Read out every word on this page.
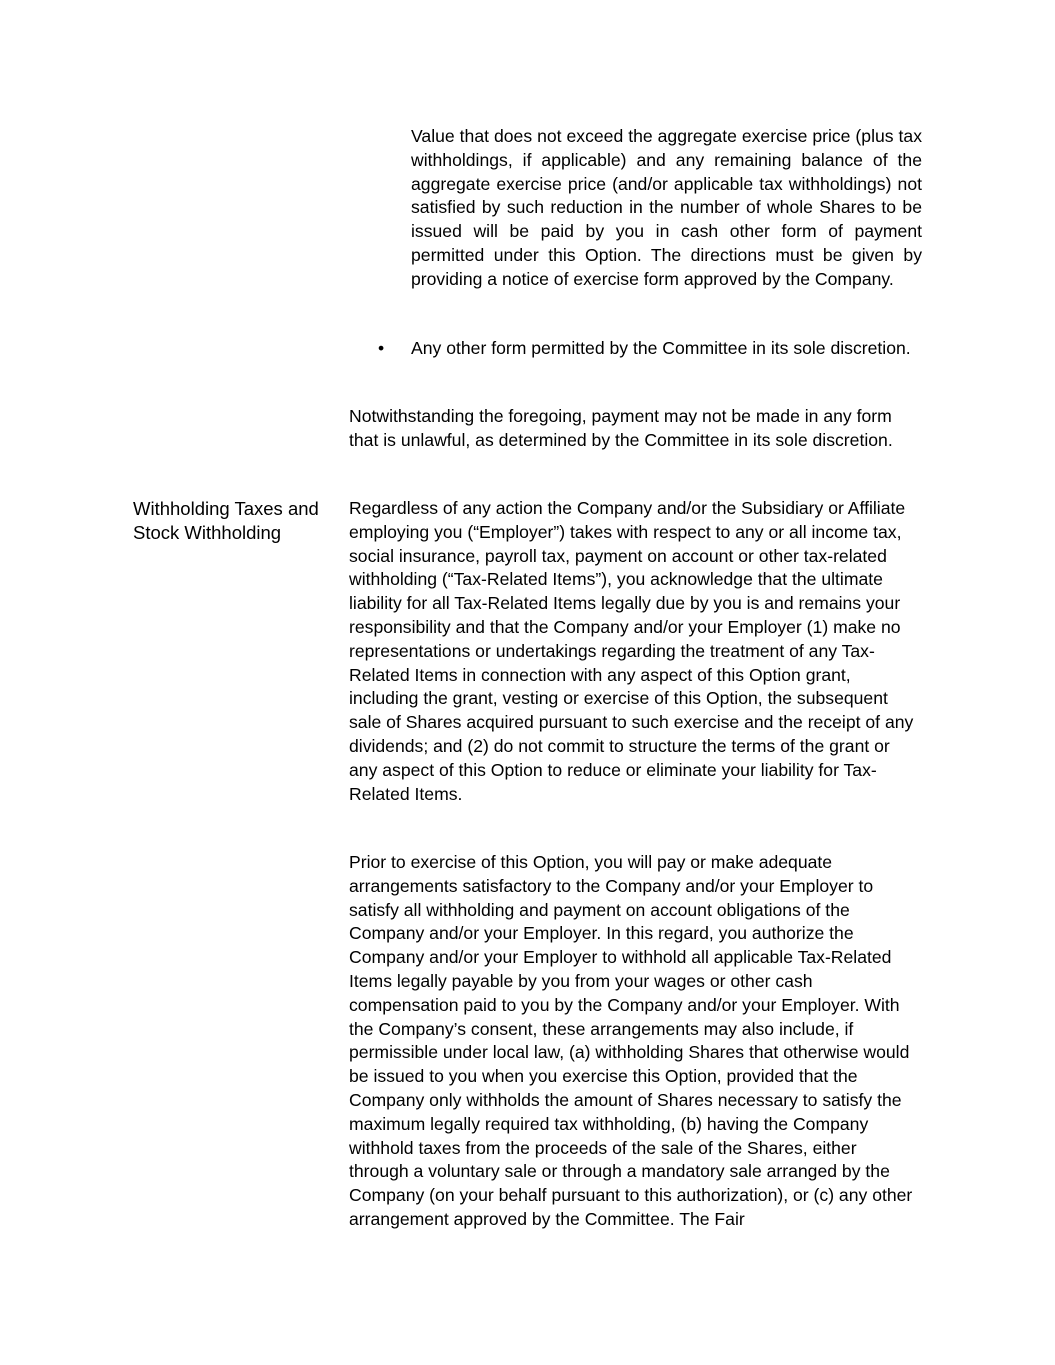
Value that does not exceed the aggregate exercise price (plus tax withholdings, if applicable) and any remaining balance of the aggregate exercise price (and/or applicable tax withholdings) not satisfied by such reduction in the number of whole Shares to be issued will be paid by you in cash other form of payment permitted under this Option. The directions must be given by providing a notice of exercise form approved by the Company.

•	Any other form permitted by the Committee in its sole discretion.

Notwithstanding the foregoing, payment may not be made in any form that is unlawful, as determined by the Committee in its sole discretion.

Withholding Taxes and Stock Withholding

Regardless of any action the Company and/or the Subsidiary or Affiliate employing you (“Employer”) takes with respect to any or all income tax, social insurance, payroll tax, payment on account or other tax-related withholding (“Tax-Related Items”), you acknowledge that the ultimate liability for all Tax-Related Items legally due by you is and remains your responsibility and that the Company and/or your Employer (1) make no representations or undertakings regarding the treatment of any Tax-Related Items in connection with any aspect of this Option grant, including the grant, vesting or exercise of this Option, the subsequent sale of Shares acquired pursuant to such exercise and the receipt of any dividends; and (2) do not commit to structure the terms of the grant or any aspect of this Option to reduce or eliminate your liability for Tax-Related Items.

Prior to exercise of this Option, you will pay or make adequate arrangements satisfactory to the Company and/or your Employer to satisfy all withholding and payment on account obligations of the Company and/or your Employer. In this regard, you authorize the Company and/or your Employer to withhold all applicable Tax-Related Items legally payable by you from your wages or other cash compensation paid to you by the Company and/or your Employer. With the Company’s consent, these arrangements may also include, if permissible under local law, (a) withholding Shares that otherwise would be issued to you when you exercise this Option, provided that the Company only withholds the amount of Shares necessary to satisfy the maximum legally required tax withholding, (b) having the Company withhold taxes from the proceeds of the sale of the Shares, either through a voluntary sale or through a mandatory sale arranged by the Company (on your behalf pursuant to this authorization), or (c) any other arrangement approved by the Committee. The Fair
